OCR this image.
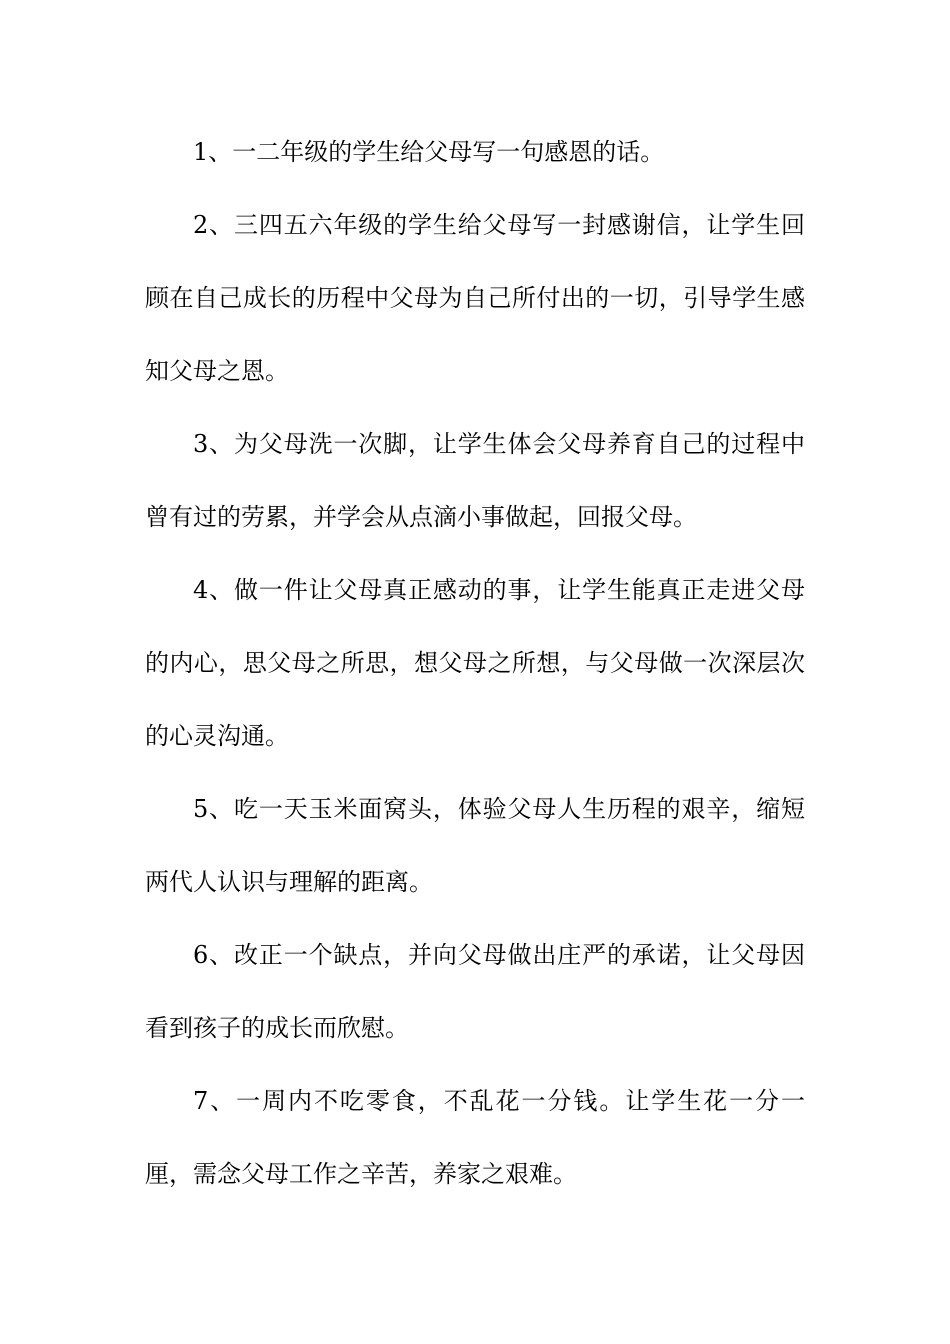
1、一二年级的学生给父母写一句感恩的话。

2、三四五六年级的学生给父母写一封感谢信，让学生回顾在自己成长的历程中父母为自己所付出的一切，引导学生感知父母之恩。

3、为父母洗一次脚，让学生体会父母养育自己的过程中曾有过的劳累，并学会从点滴小事做起，回报父母。

4、做一件让父母真正感动的事，让学生能真正走进父母的内心，思父母之所思，想父母之所想，与父母做一次深层次的心灵沟通。

5、吃一天玉米面窝头，体验父母人生历程的艰辛，缩短两代人认识与理解的距离。

6、改正一个缺点，并向父母做出庄严的承诺，让父母因看到孩子的成长而欣慰。

7、一周内不吃零食，不乱花一分钱。让学生花一分一厘，需念父母工作之辛苦，养家之艰难。
